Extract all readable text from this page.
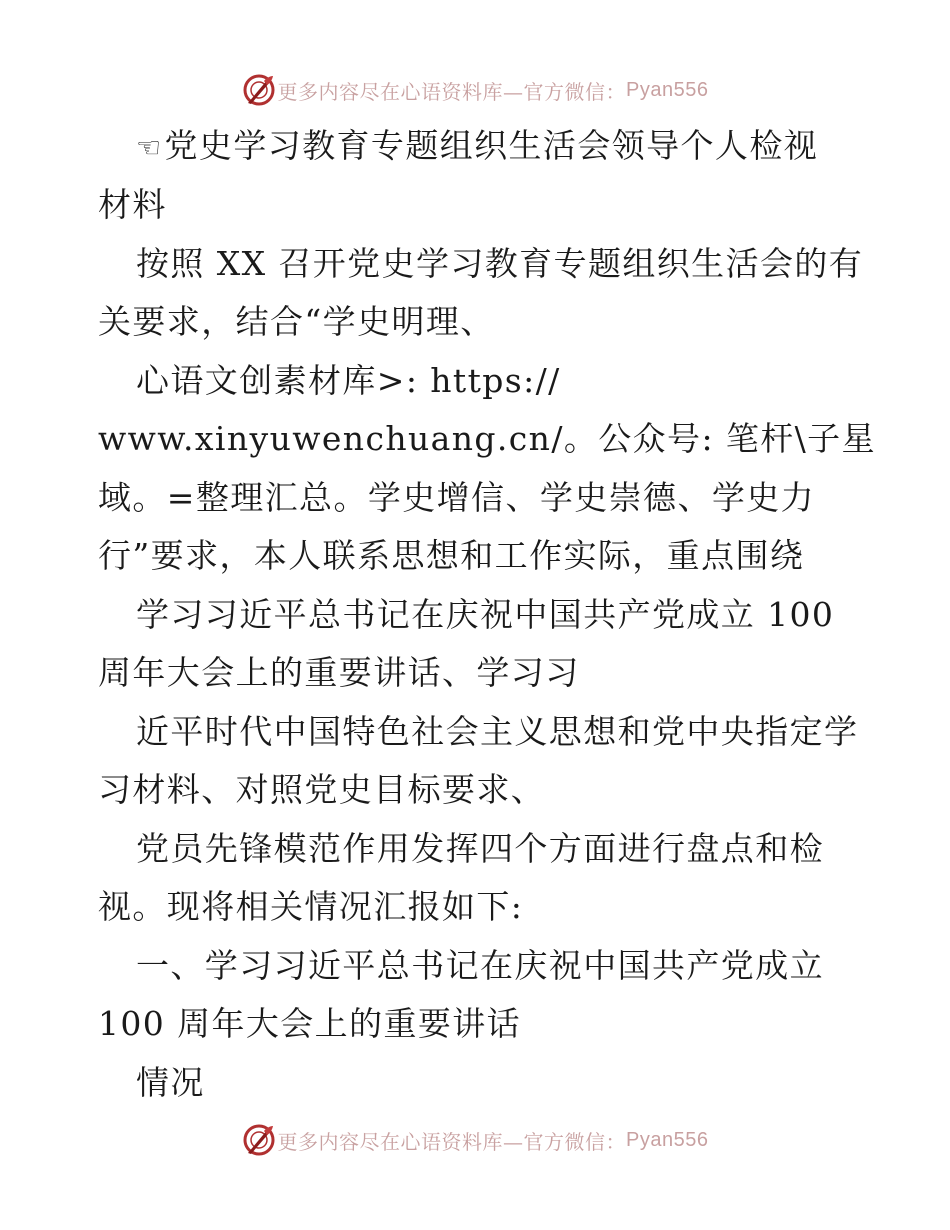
更多内容尽在心语资料库—官方微信： Pyan556
☜党史学习教育专题组织生活会领导个人检视
材料
按照 XX 召开党史学习教育专题组织生活会的有
关要求，结合“学史明理、
心语文创素材库>: https://
www.xinyuwenchuang.cn/。公众号: 笔杆\子星
域。=整理汇总。学史增信、学史崇德、学史力
行”要求，本人联系思想和工作实际，重点围绕
学习习近平总书记在庆祝中国共产党成立 100
周年大会上的重要讲话、学习习
近平时代中国特色社会主义思想和党中央指定学
习材料、对照党史目标要求、
党员先锋模范作用发挥四个方面进行盘点和检
视。现将相关情况汇报如下:
一、学习习近平总书记在庆祝中国共产党成立
100 周年大会上的重要讲话
情况
更多内容尽在心语资料库—官方微信： Pyan556
